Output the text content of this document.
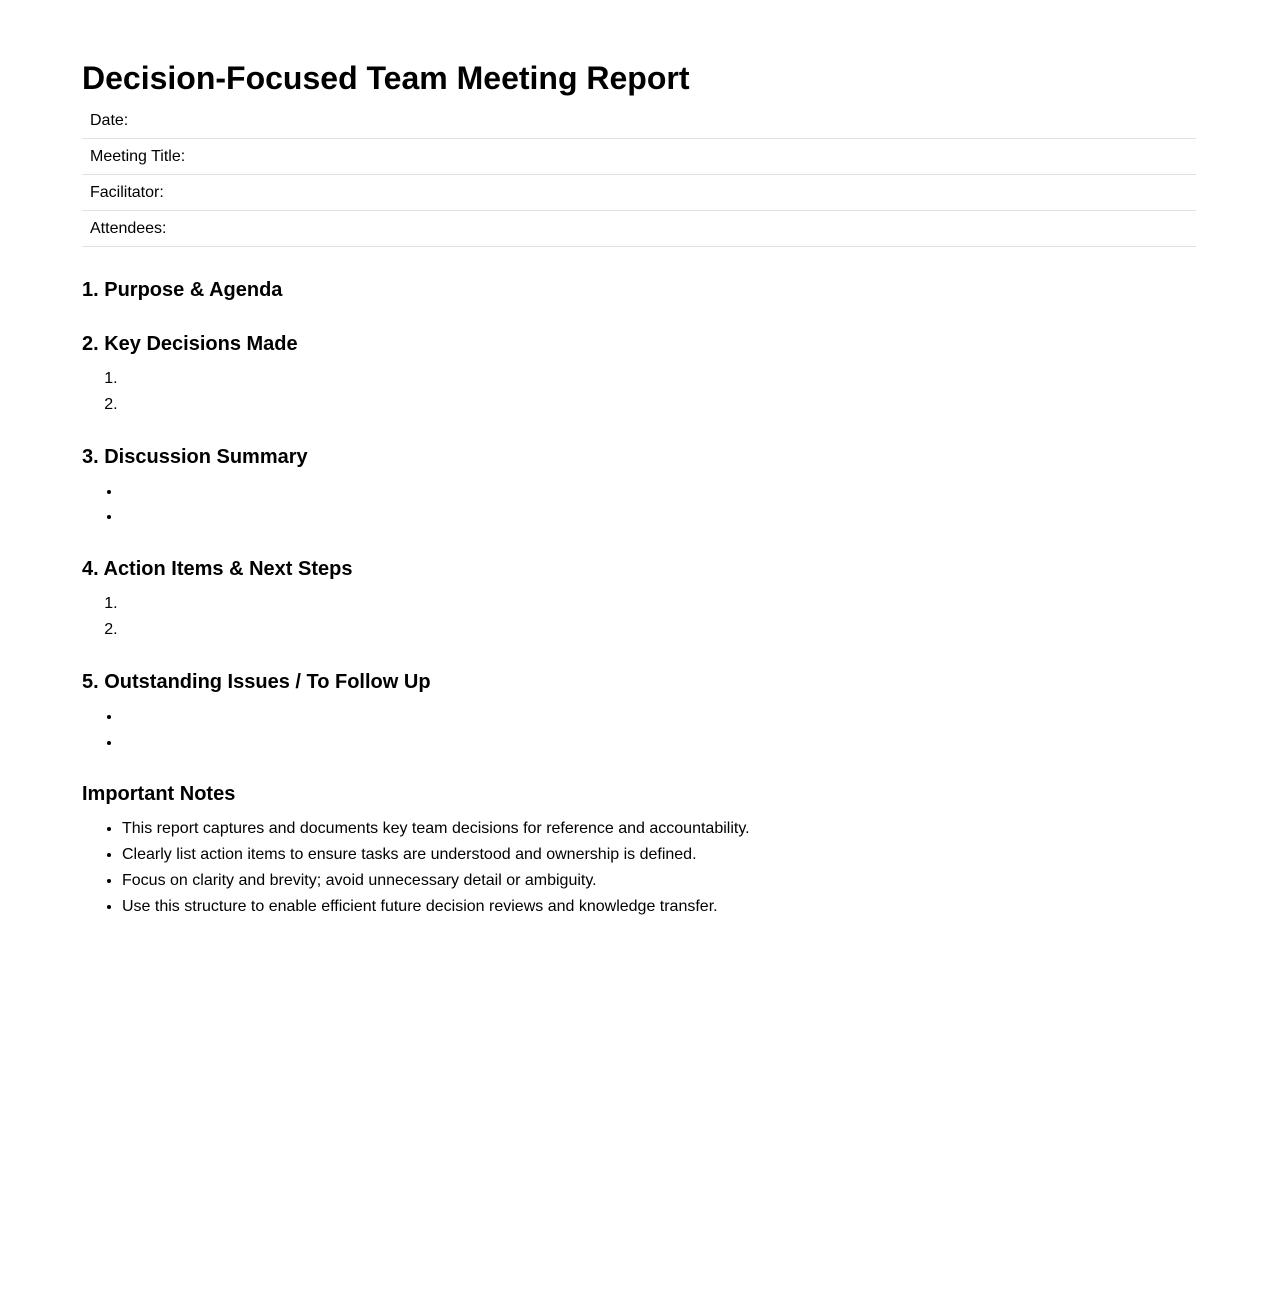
Decision-Focused Team Meeting Report
Date:
Meeting Title:
Facilitator:
Attendees:
1. Purpose & Agenda
2. Key Decisions Made
1.
2.
3. Discussion Summary
•
•
4. Action Items & Next Steps
1.
2.
5. Outstanding Issues / To Follow Up
•
•
Important Notes
• This report captures and documents key team decisions for reference and accountability.
• Clearly list action items to ensure tasks are understood and ownership is defined.
• Focus on clarity and brevity; avoid unnecessary detail or ambiguity.
• Use this structure to enable efficient future decision reviews and knowledge transfer.
